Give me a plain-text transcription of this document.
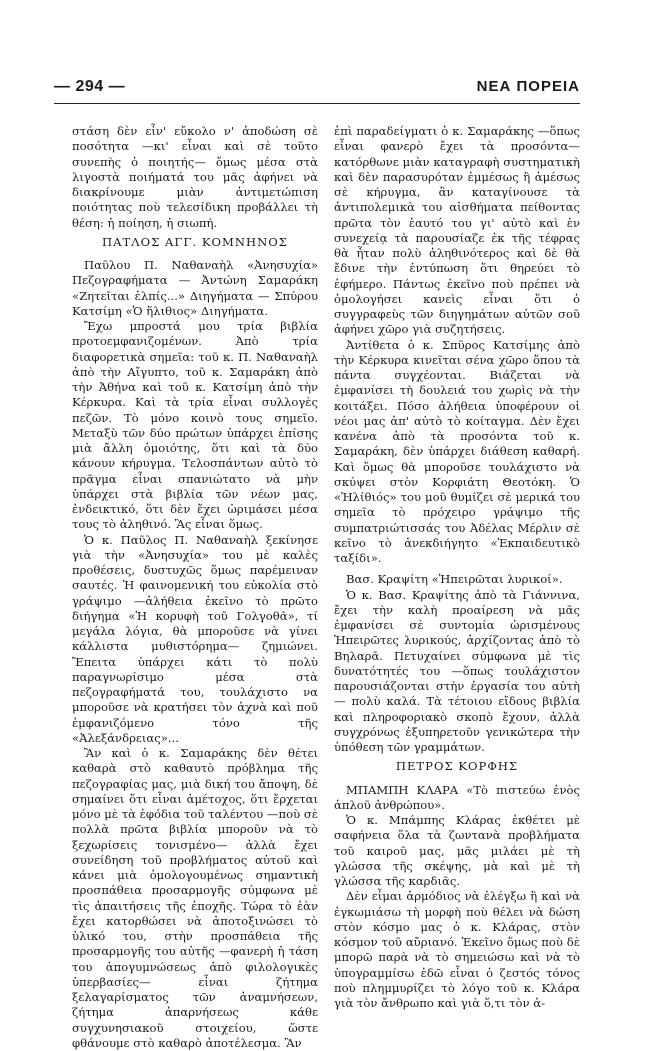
— 294 —	ΝΕΑ ΠΟΡΕΙΑ

στάση δὲν εἶν' εὔκολο ν' ἀποδώση σὲ ποσότητα —κι' εἶναι καὶ σὲ τοῦτο συνεπὴς ὁ ποιητής— ὅμως μέσα στὰ λιγοστὰ ποιήματά του μᾶς ἀφήνει νὰ διακρίνουμε μιὰν ἀντιμετώπιση ποιότητας ποὺ τελεσίδικη προβάλλει τὴ θέση: ἡ ποίηση, ἡ σιωπή.

ΠΑΤΛΟΣ ΑΓΓ. ΚΟΜΝΗΝΟΣ

Παῦλου Π. Ναθαναὴλ «Ἀνησυχία» Πεζογραφήματα — Ἀντώνη Σαμαράκη «Ζητεῖται ἐλπίς...» Διηγήματα — Σπύρου Κατσίμη «Ὁ ἥλιθιος» Διηγήματα.

Ἔχω μπροστά μου τρία βιβλία προτοεμφανιζομένων. Ἀπὸ τρία διαφορετικὰ σημεῖα: τοῦ κ. Π. Ναθαναὴλ ἀπὸ τὴν Αἴγυπτο, τοῦ κ. Σαμαράκη ἀπὸ τὴν Ἀθήνα καὶ τοῦ κ. Κατσίμη ἀπὸ τὴν Κέρκυρα. Καὶ τὰ τρία εἶναι συλλογὲς πεζῶν. Τὸ μόνο κοινὸ τους σημεῖο. Μεταξὺ τῶν δύο πρώτων ὑπάρχει ἐπίσης μιὰ ἄλλη ὁμοιότης, ὅτι καὶ τὰ δύο κάνουν κήρυγμα. Τελοσπάντων αὐτὸ τὸ πρᾶγμα εἶναι σπανιώτατο νὰ μὴν ὑπάρχει στὰ βιβλία τῶν νέων μας, ἐνδεικτικό, ὅτι δὲν ἔχει ὡριμάσει μέσα τους τὸ ἀληθινό. Ἂς εἶναι ὅμως.

Ὁ κ. Παῦλος Π. Ναθαναὴλ ξεκίνησε γιὰ τὴν «Ἀνησυχία» του μὲ καλὲς προθέσεις, δυστυχῶς ὅμως παρέμειναν σαυτές. Ἡ φαινομενική του εὐκολία στὸ γράψιμο —ἀλήθεια ἐκεῖνο τὸ πρῶτο διήγημα «Ἡ κορυφὴ τοῦ Γολγοθᾶ», τί μεγάλα λόγια, θὰ μποροῦσε νὰ γίνει κάλλιστα μυθιστόρημα— ζημιώνει. Ἔπειτα ὑπάρχει κάτι τὸ πολὺ παραγνωρίσιμο μέσα στὰ πεζογραφήματά του, τουλάχιστο να μποροῦσε νὰ κρατήσει τὸν ἀχνὰ καὶ ποῦ ἐμφανιζόμενο τόνο τῆς «Ἀλεξάνδρειας»...

Ἂν καὶ ὁ κ. Σαμαράκης δὲν θέτει καθαρὰ στὸ καθαυτὸ πρόβλημα τῆς πεζογραφίας μας, μιὰ δική του ἄποψη, δὲ σημαίνει ὅτι εἶναι ἀμέτοχος, ὅτι ἔρχεται μόνο μὲ τὰ ἐφόδια τοῦ ταλέντου —ποὺ σὲ πολλὰ πρῶτα βιβλία μποροῦν νὰ τὸ ξεχωρίσεις τονισμένο— ἀλλὰ ἔχει συνείδηση τοῦ προβλήματος αὐτοῦ καὶ κάνει μιὰ ὁμολογουμένως σημαντικὴ προσπάθεια προσαρμογῆς σύμφωνα μὲ τὶς ἀπαιτήσεις τῆς ἐποχῆς. Τώρα τὸ ἐὰν ἔχει κατορθώσει νὰ ἀποτοξινώσει τὸ ὑλικό του, στὴν προσπάθεια τῆς προσαρμογῆς του αὐτῆς —φανερὴ ἡ τάση του ἀπογυμνώσεως ἀπὸ φιλολογικὲς ὑπερβασίες— εἶναι ζήτημα ξελαγαρίσματος τῶν ἀναμνήσεων, ζήτημα ἀπαρνήσεως κάθε συγχυνησιακοῦ στοιχείου, ὥστε φθάνουμε στὸ καθαρὸ ἀποτέλεσμα. Ἂν

ἐπὶ παραδείγματι ὁ κ. Σαμαράκης —ὅπως εἶναι φανερὸ ἔχει τὰ προσόντα— κατόρθωνε μιὰν καταγραφὴ συστηματικὴ καὶ δὲν παρασυρόταν ἐμμέσως ἢ ἀμέσως σὲ κήρυγμα, ἂν καταγίνουσε τὰ ἀντιπολεμικὰ του αἰσθήματα πείθοντας πρῶτα τὸν ἑαυτό του γι' αὐτὸ καὶ ἐν συνεχείᾳ τὰ παρουσίαζε ἐκ τῆς τέφρας θὰ ἦταν πολὺ ἀληθινότερος καὶ δὲ θὰ ἔδινε τὴν ἐντύπωση ὅτι θηρεύει τὸ ἐφήμερο. Πάντως ἐκεῖνο ποὺ πρέπει νὰ ὁμολογήσει κανεὶς εἶναι ὅτι ὁ συγγραφεὺς τῶν διηγημάτων αὐτῶν σοῦ ἀφήνει χῶρο γιὰ συζητήσεις.

Ἀντίθετα ὁ κ. Σπῦρος Κατσίμης ἀπὸ τὴν Κέρκυρα κινεῖται σένα χῶρο ὅπου τὰ πάντα συγχέονται. Βιάζεται νὰ ἐμφανίσει τὴ δουλειά του χωρὶς νὰ τὴν κοιτάξει. Πόσο ἀλήθεια ὑποφέρουν οἱ νέοι μας ἀπ' αὐτὸ τὸ κοίταγμα. Δὲν ἔχει κανένα ἀπὸ τὰ προσόντα τοῦ κ. Σαμαράκη, δὲν ὑπάρχει διάθεση καθαρή. Καὶ ὅμως θὰ μποροῦσε τουλάχιστο νὰ σκύψει στὸν Κορφιάτη Θεοτόκη. Ὁ «Ἠλίθιός» του μοῦ θυμίζει σὲ μερικά του σημεῖα τὸ πρόχειρο γράψιμο τῆς συμπατριώτισσάς του Ἀδέλας Μέρλιν σὲ κεῖνο τὸ ἀνεκδιήγητο «Ἐκπαιδευτικὸ ταξίδι».

Βασ. Κραψίτη «Ἠπειρῶται λυρικοί».

Ὁ κ. Βασ. Κραψίτης ἀπὸ τὰ Γιάννινα, ἔχει τὴν καλὴ προαίρεση νὰ μᾶς ἐμφανίσει σὲ συντομία ὡρισμένους Ἠπειρῶτες λυρικούς, ἀρχίζοντας ἀπὸ τὸ Βηλαρᾶ. Πετυχαίνει σύμφωνα μὲ τὶς δυνατότητές του —ὅπως τουλάχιστον παρουσιάζονται στὴν ἐργασία του αὐτὴ— πολὺ καλά. Τὰ τέτοιου εἴδους βιβλία καὶ πληροφοριακὸ σκοπὸ ἔχουν, ἀλλὰ συγχρόνως ἐξυπηρετοῦν γενικώτερα τὴν ὑπόθεση τῶν γραμμάτων.

ΠΕΤΡΟΣ ΚΟΡΦΗΣ

ΜΠΑΜΠΗ ΚΛΑΡΑ «Τὸ πιστεύω ἑνὸς ἁπλοῦ ἀνθρώπου».

Ὁ κ. Μπάμπης Κλάρας ἐκθέτει μὲ σαφήνεια ὅλα τὰ ζωντανὰ προβλήματα τοῦ καιροῦ μας, μᾶς μιλάει μὲ τὴ γλώσσα τῆς σκέψης, μὰ καὶ μὲ τὴ γλώσσα τῆς καρδιᾶς.

Δὲν εἶμαι ἁρμόδιος νὰ ἐλέγξω ἢ καὶ νὰ ἐγκωμιάσω τὴ μορφὴ ποὺ θέλει νὰ δώση στὸν κόσμο μας ὁ κ. Κλάρας, στὸν κόσμον τοῦ αὔριανό. Ἐκεῖνο ὅμως ποὺ δὲ μπορῶ παρὰ νὰ τὸ σημειώσω καὶ νὰ τὸ ὑπογραμμίσω ἐδῶ εἶναι ὁ ζεστός τόνος ποὺ πλημμυρίζει τὸ λόγο τοῦ κ. Κλάρα γιὰ τὸν ἄνθρωπο καὶ γιὰ ὅ,τι τὸν ἀ-
